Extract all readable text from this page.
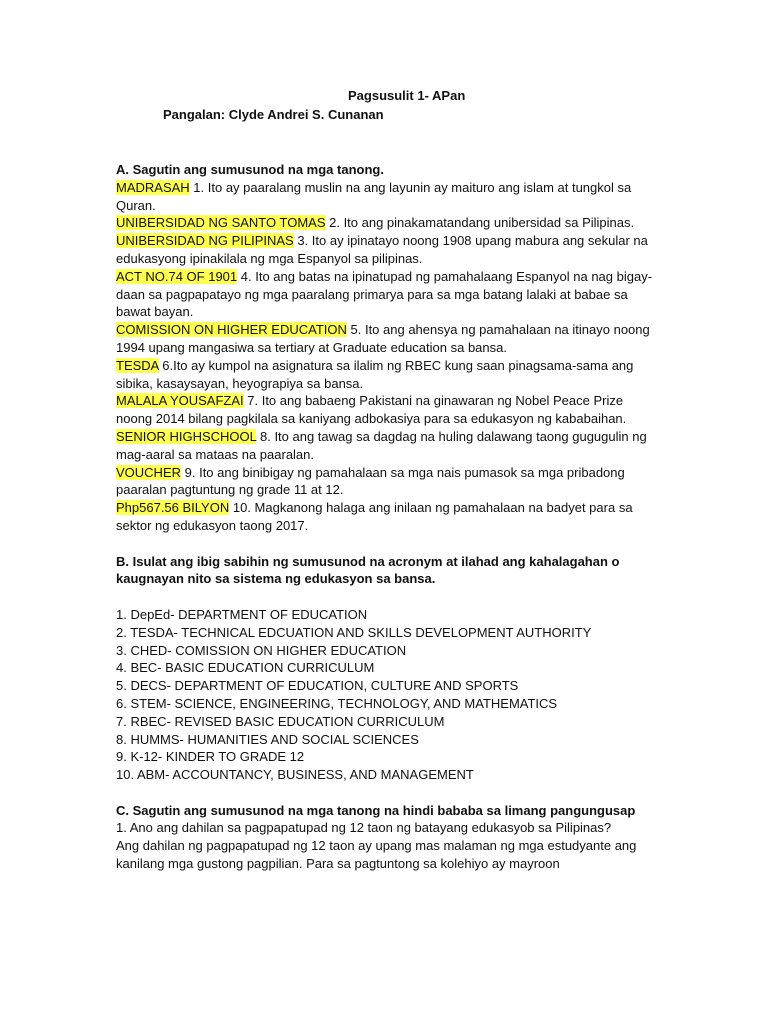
Pagsusulit 1- APan
Pangalan: Clyde Andrei S. Cunanan

A. Sagutin ang sumusunod na mga tanong.

MADRASAH 1. Ito ay paaralang muslin na ang layunin ay maituro ang islam at tungkol sa Quran.

UNIBERSIDAD NG SANTO TOMAS 2. Ito ang pinakamatandang unibersidad sa Pilipinas.

UNIBERSIDAD NG PILIPINAS 3. Ito ay ipinatayo noong 1908 upang mabura ang sekular na edukasyong ipinakilala ng mga Espanyol sa pilipinas.

ACT NO.74 OF 1901 4. Ito ang batas na ipinatupad ng pamahalaang Espanyol na nag bigay-daan sa pagpapatayo ng mga paaralang primarya para sa mga batang lalaki at babae sa bawat bayan.

COMISSION ON HIGHER EDUCATION 5. Ito ang ahensya ng pamahalaan na itinayo noong 1994 upang mangasiwa sa tertiary at Graduate education sa bansa.

TESDA 6.Ito ay kumpol na asignatura sa ilalim ng RBEC kung saan pinagsama-sama ang sibika, kasaysayan, heyograpiya sa bansa.

MALALA YOUSAFZAI 7. Ito ang babaeng Pakistani na ginawaran ng Nobel Peace Prize noong 2014 bilang pagkilala sa kaniyang adbokasiya para sa edukasyon ng kababaihan.

SENIOR HIGHSCHOOL 8. Ito ang tawag sa dagdag na huling dalawang taong gugugulin ng mag-aaral sa mataas na paaralan.

VOUCHER 9. Ito ang binibigay ng pamahalaan sa mga nais pumasok sa mga pribadong paaralan pagtuntung ng grade 11 at 12.

Php567.56 BILYON 10. Magkanong halaga ang inilaan ng pamahalaan na badyet para sa sektor ng edukasyon taong 2017.

B. Isulat ang ibig sabihin ng sumusunod na acronym at ilahad ang kahalagahan o kaugnayan nito sa sistema ng edukasyon sa bansa.

1. DepEd- DEPARTMENT OF EDUCATION
2. TESDA- TECHNICAL EDCUATION AND SKILLS DEVELOPMENT AUTHORITY
3. CHED- COMISSION ON HIGHER EDUCATION
4. BEC- BASIC EDUCATION CURRICULUM
5. DECS- DEPARTMENT OF EDUCATION, CULTURE AND SPORTS
6. STEM- SCIENCE, ENGINEERING, TECHNOLOGY, AND MATHEMATICS
7. RBEC- REVISED BASIC EDUCATION CURRICULUM
8. HUMMS- HUMANITIES AND SOCIAL SCIENCES
9. K-12- KINDER TO GRADE 12
10. ABM- ACCOUNTANCY, BUSINESS, AND MANAGEMENT

C. Sagutin ang sumusunod na mga tanong na hindi bababa sa limang pangungusap

1. Ano ang dahilan sa pagpapatupad ng 12 taon ng batayang edukasyob sa Pilipinas?

Ang dahilan ng pagpapatupad ng 12 taon ay upang mas malaman ng mga estudyante ang kanilang mga gustong pagpilian. Para sa pagtuntong sa kolehiyo ay mayroon
